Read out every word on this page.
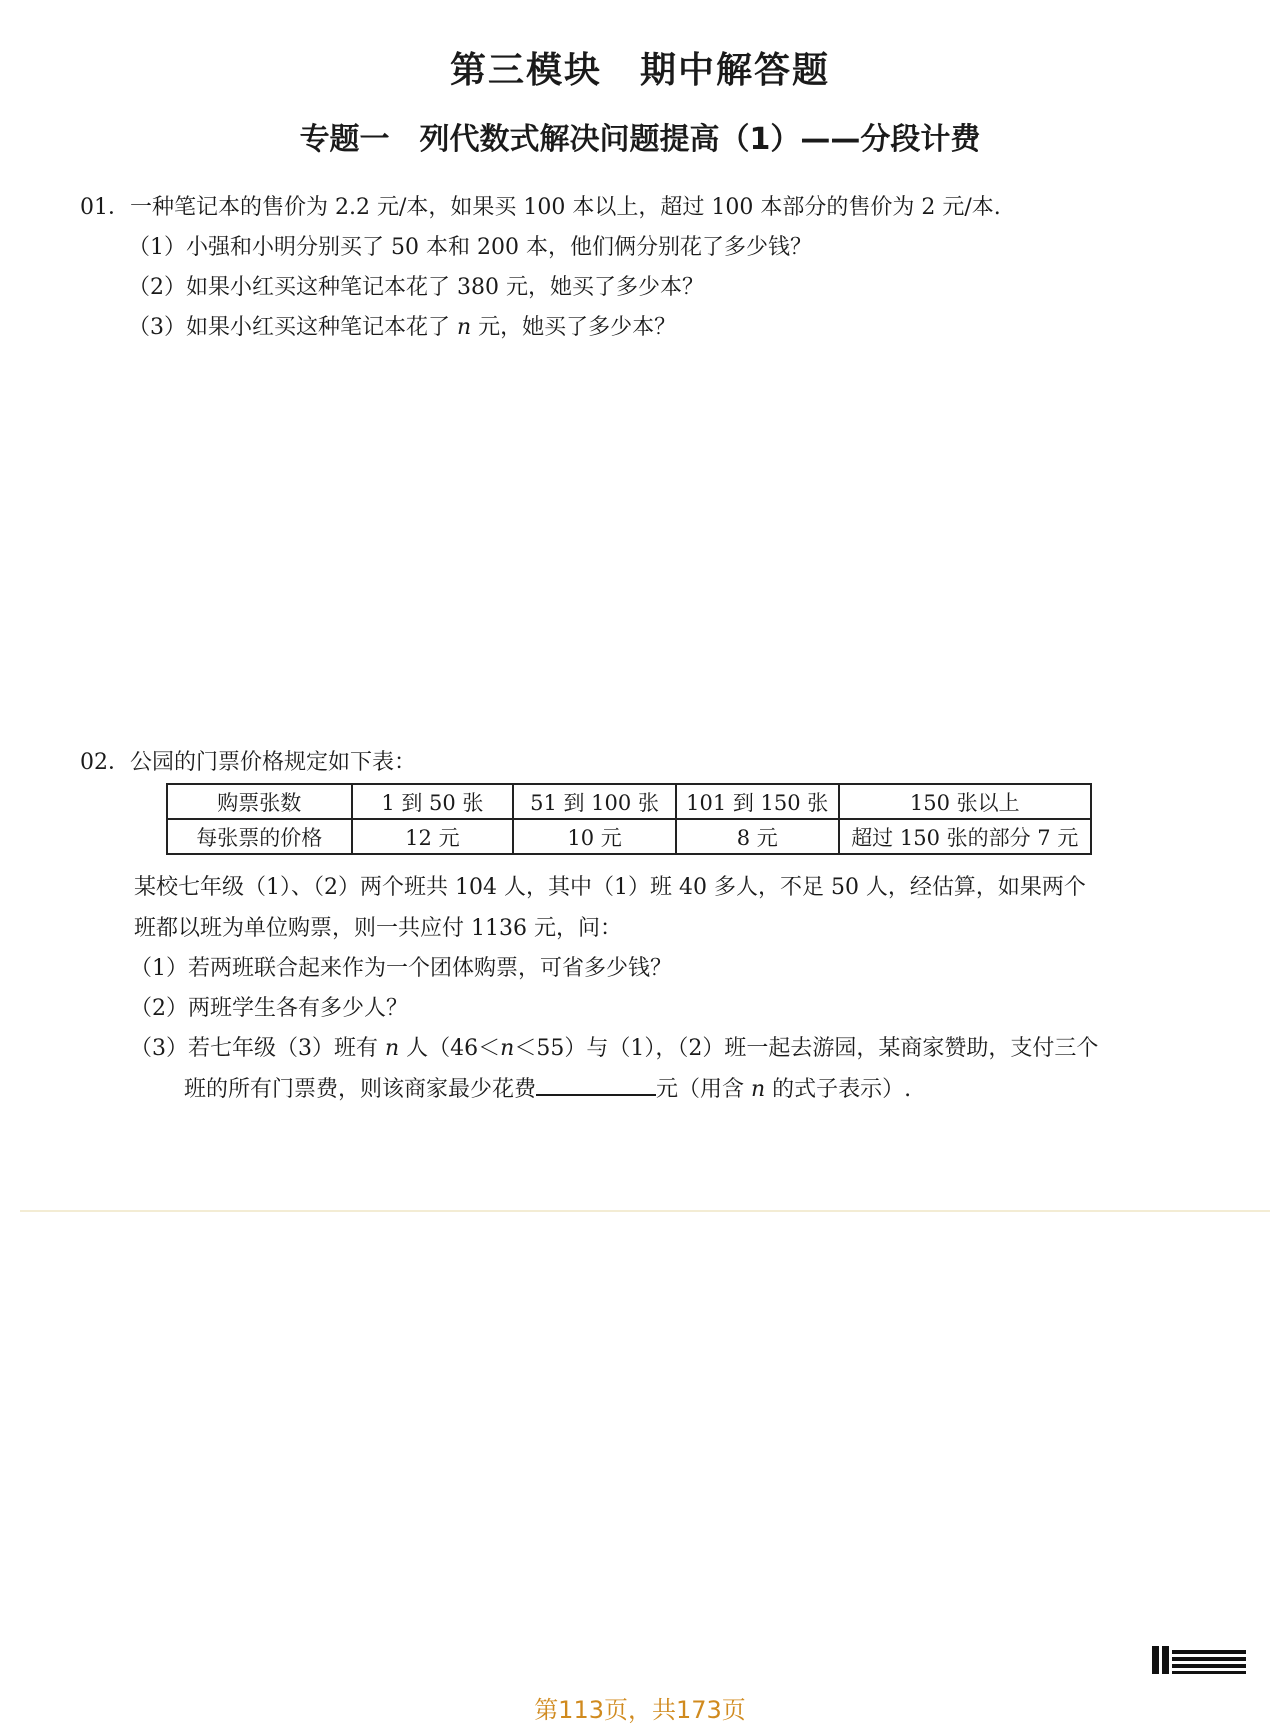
第三模块　期中解答题
专题一　列代数式解决问题提高（1）——分段计费
01．一种笔记本的售价为 2.2 元/本，如果买 100 本以上，超过 100 本部分的售价为 2 元/本.
（1）小强和小明分别买了 50 本和 200 本，他们俩分别花了多少钱？
（2）如果小红买这种笔记本花了 380 元，她买了多少本？
（3）如果小红买这种笔记本花了 n 元，她买了多少本？
02．公园的门票价格规定如下表：
购票张数	1 到 50 张	51 到 100 张	101 到 150 张	150 张以上
每张票的价格	12 元	10 元	8 元	超过 150 张的部分 7 元
某校七年级（1）、（2）两个班共 104 人，其中（1）班 40 多人，不足 50 人，经估算，如果两个
班都以班为单位购票，则一共应付 1136 元，问：
（1）若两班联合起来作为一个团体购票，可省多少钱？
（2）两班学生各有多少人？
（3）若七年级（3）班有 n 人（46＜n＜55）与（1），（2）班一起去游园，某商家赞助，支付三个
班的所有门票费，则该商家最少花费	元（用含 n 的式子表示）.
第113页，共173页
